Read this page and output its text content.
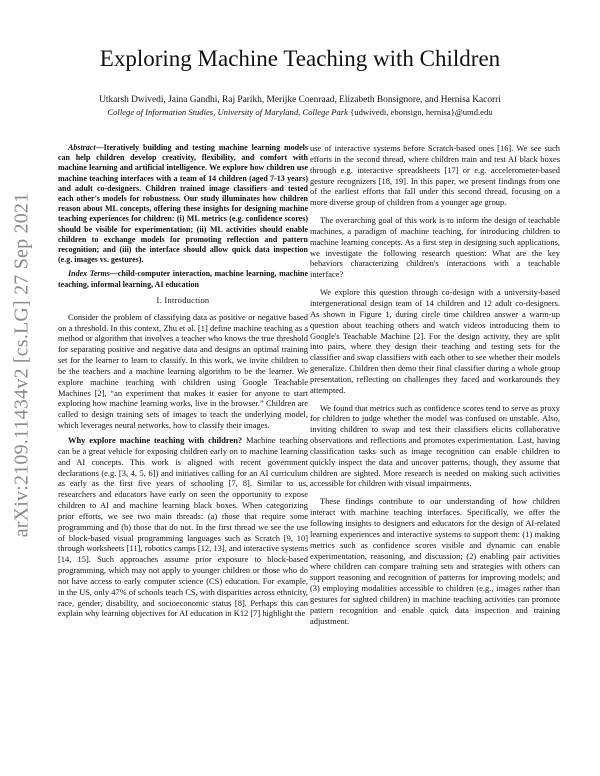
arXiv:2109.11434v2 [cs.LG] 27 Sep 2021
Exploring Machine Teaching with Children
Utkarsh Dwivedi, Jaina Gandhi, Raj Parikh, Merijke Coenraad, Elizabeth Bonsignore, and Hernisa Kacorri
College of Information Studies, University of Maryland, College Park {udwivedi, ebonsign, hernisa}@umd.edu

Abstract—Iteratively building and testing machine learning models can help children develop creativity, flexibility, and comfort with machine learning and artificial intelligence. We explore how children use machine teaching interfaces with a team of 14 children (aged 7-13 years) and adult co-designers. Children trained image classifiers and tested each other's models for robustness. Our study illuminates how children reason about ML concepts, offering these insights for designing machine teaching experiences for children: (i) ML metrics (e.g. confidence scores) should be visible for experimentation; (ii) ML activities should enable children to exchange models for promoting reflection and pattern recognition; and (iii) the interface should allow quick data inspection (e.g. images vs. gestures).

Index Terms—child-computer interaction, machine learning, machine teaching, informal learning, AI education

I. Introduction

Consider the problem of classifying data as positive or negative based on a threshold. In this context, Zhu et al. [1] define machine teaching as a method or algorithm that involves a teacher who knows the true threshold for separating positive and negative data and designs an optimal training set for the learner to learn to classify. In this work, we invite children to be the teachers and a machine learning algorithm to be the learner. We explore machine teaching with children using Google Teachable Machines [2], “an experiment that makes it easier for anyone to start exploring how machine learning works, live in the browser.” Children are called to design training sets of images to teach the underlying model, which leverages neural networks, how to classify their images.

Why explore machine teaching with children? Machine teaching can be a great vehicle for exposing children early on to machine learning and AI concepts. This work is aligned with recent government declarations (e.g. [3, 4, 5, 6]) and initiatives calling for an AI curriculum as early as the first five years of schooling [7, 8]. Similar to us, researchers and educators have early on seen the opportunity to expose children to AI and machine learning black boxes. When categorizing prior efforts, we see two main threads: (a) those that require some programming and (b) those that do not. In the first thread we see the use of block-based visual programming languages such as Scratch [9, 10] through worksheets [11], robotics camps [12, 13], and interactive systems [14, 15]. Such approaches assume prior exposure to block-based programming, which may not apply to younger children or those who do not have access to early computer science (CS) education. For example, in the US, only 47% of schools teach CS, with disparities across ethnicity, race, gender, disability, and socioeconomic status [8]. Perhaps this can explain why learning objectives for AI education in K12 [7] highlight the

use of interactive systems before Scratch-based ones [16]. We see such efforts in the second thread, where children train and test AI black boxes through e.g. interactive spreadsheets [17] or e.g. accelerometer-based gesture recognizers [18, 19]. In this paper, we present findings from one of the earliest efforts that fall under this second thread, focusing on a more diverse group of children from a younger age group.

The overarching goal of this work is to inform the design of teachable machines, a paradigm of machine teaching, for introducing children to machine learning concepts. As a first step in designing such applications, we investigate the following research question: What are the key behaviors characterizing children's interactions with a teachable interface?

We explore this question through co-design with a university-based intergenerational design team of 14 children and 12 adult co-designers. As shown in Figure 1, during circle time children answer a warm-up question about teaching others and watch videos introducing them to Google's Teachable Machine [2]. For the design activity, they are split into pairs, where they design their teaching and testing sets for the classifier and swap classifiers with each other to see whether their models generalize. Children then demo their final classifier during a whole group presentation, reflecting on challenges they faced and workarounds they attempted.

We found that metrics such as confidence scores tend to serve as proxy for children to judge whether the model was confused on unstable. Also, inviting children to swap and test their classifiers elicits collaborative observations and reflections and promotes experimentation. Last, having classification tasks such as image recognition can enable children to quickly inspect the data and uncover patterns, though, they assume that children are sighted. More research is needed on making such activities accessible for children with visual impairments.

These findings contribute to our understanding of how children interact with machine teaching interfaces. Specifically, we offer the following insights to designers and educators for the design of AI-related learning experiences and interactive systems to support them: (1) making metrics such as confidence scores visible and dynamic can enable experimentation, reasoning, and discussion; (2) enabling pair activities where children can compare training sets and strategies with others can support reasoning and recognition of patterns for improving models; and (3) employing modalities accessible to children (e.g., images rather than gestures for sighted children) in machine teaching activities can promote pattern recognition and enable quick data inspection and training adjustment.
